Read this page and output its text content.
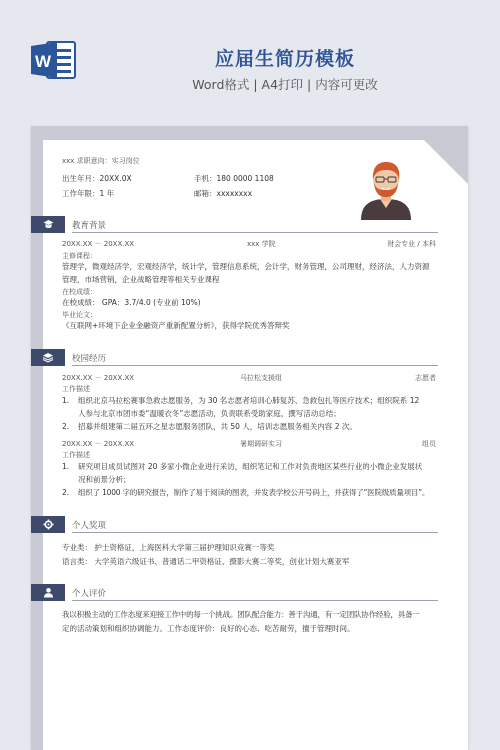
W	应届生简历模板
Word格式 | A4打印 | 内容可更改
xxx 求职意向：实习岗位
出生年月：20XX.0X	手机：180 0000 1108
工作年限：1 年	邮箱：xxxxxxxx
教育背景
20XX.XX － 20XX.XX	xxx 学院	财会专业 / 本科
主修课程：
管理学，微观经济学，宏观经济学，统计学，管理信息系统，会计学，财务管理，公司理财，经济法，人力资源
管理，市场营销，企业战略管理等相关专业课程
在校成绩：
在校成绩： GPA：3.7/4.0 (专业前 10%)
毕业论文：
《互联网+环境下企业金融资产重新配置分析》，获得学院优秀答辩奖
校园经历
20XX.XX － 20XX.XX	马拉松支援组	志愿者
工作描述
1. 组织北京马拉松赛事急救志愿服务，为 30 名志愿者培训心肺复苏、急救包扎等医疗技术；组织院系 12
人参与北京市团市委“温暖衣冬”志愿活动，负责联系受助家庭，撰写活动总结；
2. 招募并组建第二届五环之星志愿服务团队，共 50 人，培训志愿服务相关内容 2 次。
20XX.XX － 20XX.XX	暑期调研实习	组员
工作描述
1. 研究项目成员试图对 20 多家小微企业进行采访，组织笔记和工作对负责地区某些行业的小微企业发展状
况和前景分析；
2. 组织了 1000 字的研究报告，制作了易于阅读的图表，并发表学校公开号码上，并获得了“医院级质量项目”。
个人奖项
专业类： 护士资格证，上海医科大学第三届护理知识竞赛一等奖
语言类： 大学英语六级证书、普通话二甲资格证、摄影大赛二等奖，创业计划大赛亚军
个人评价
我以积极主动的工作态度来迎接工作中的每一个挑战。团队配合能力：善于沟通，有一定团队协作经验，具备一
定的活动策划和组织协调能力。工作态度评价：良好的心态、吃苦耐劳，擅于管理时间。
